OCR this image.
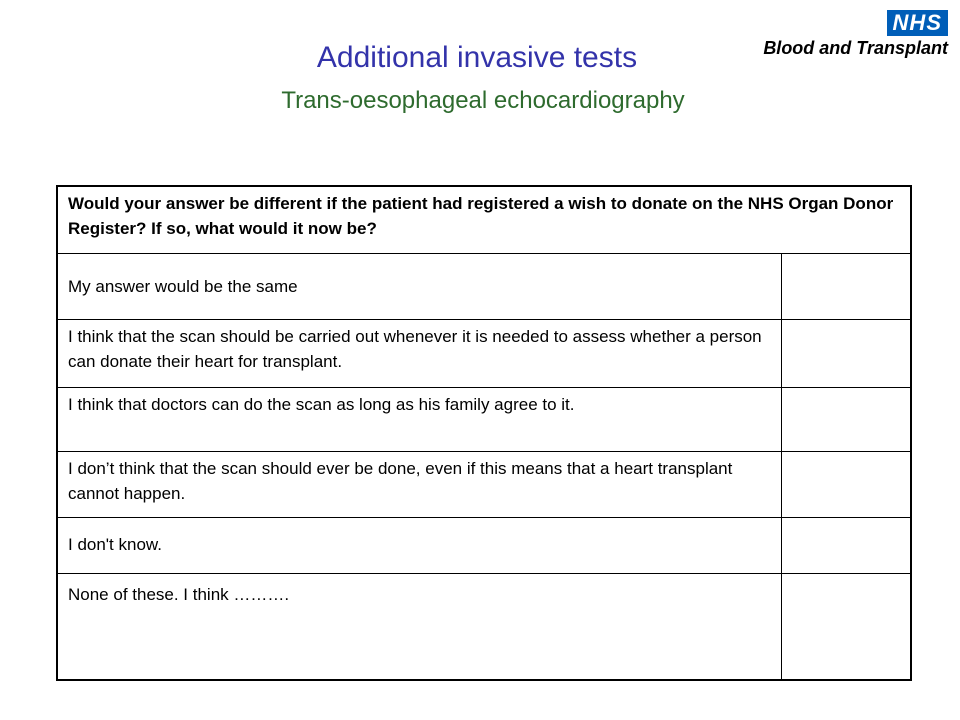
NHS
Blood and Transplant
Additional invasive tests
Trans-oesophageal echocardiography
Would your answer be different if the patient had registered a wish to donate on the NHS Organ Donor Register? If so, what would it now be?	
My answer would be the same	
I think that the scan should be carried out whenever it is needed to assess whether a person can donate their heart for transplant.	
I think that doctors can do the scan as long as his family agree to it.	
I don’t think that the scan should ever be done, even if this means that a heart transplant cannot happen.	
I don't know.	
None of these. I think ……….	
